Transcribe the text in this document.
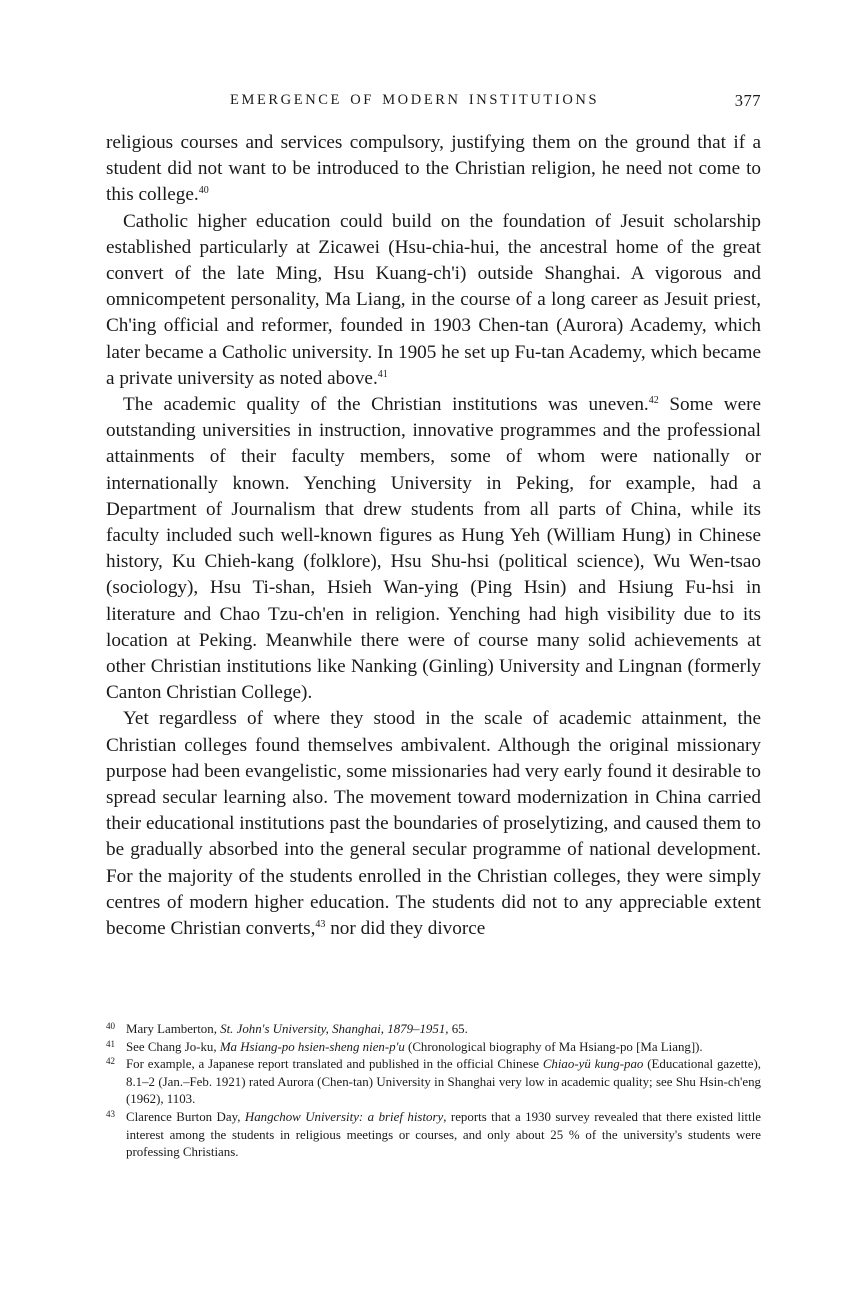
EMERGENCE OF MODERN INSTITUTIONS	377

religious courses and services compulsory, justifying them on the ground that if a student did not want to be introduced to the Christian religion, he need not come to this college.$^{40}$

Catholic higher education could build on the foundation of Jesuit scholarship established particularly at Zicawei (Hsu-chia-hui, the ancestral home of the great convert of the late Ming, Hsu Kuang-ch'i) outside Shanghai. A vigorous and omnicompetent personality, Ma Liang, in the course of a long career as Jesuit priest, Ch'ing official and reformer, founded in 1903 Chen-tan (Aurora) Academy, which later became a Catholic university. In 1905 he set up Fu-tan Academy, which became a private university as noted above.$^{41}$

The academic quality of the Christian institutions was uneven.$^{42}$ Some were outstanding universities in instruction, innovative programmes and the professional attainments of their faculty members, some of whom were nationally or internationally known. Yenching University in Peking, for example, had a Department of Journalism that drew students from all parts of China, while its faculty included such well-known figures as Hung Yeh (William Hung) in Chinese history, Ku Chieh-kang (folklore), Hsu Shu-hsi (political science), Wu Wen-tsao (sociology), Hsu Ti-shan, Hsieh Wan-ying (Ping Hsin) and Hsiung Fu-hsi in literature and Chao Tzu-ch'en in religion. Yenching had high visibility due to its location at Peking. Meanwhile there were of course many solid achievements at other Christian institutions like Nanking (Ginling) University and Lingnan (formerly Canton Christian College).

Yet regardless of where they stood in the scale of academic attainment, the Christian colleges found themselves ambivalent. Although the original missionary purpose had been evangelistic, some missionaries had very early found it desirable to spread secular learning also. The movement toward modernization in China carried their educational institutions past the boundaries of proselytizing, and caused them to be gradually absorbed into the general secular programme of national development. For the majority of the students enrolled in the Christian colleges, they were simply centres of modern higher education. The students did not to any appreciable extent become Christian converts,$^{43}$ nor did they divorce

40 Mary Lamberton, St. John's University, Shanghai, 1879–1951, 65.

41 See Chang Jo-ku, Ma Hsiang-po hsien-sheng nien-p'u (Chronological biography of Ma Hsiang-po [Ma Liang]).

42 For example, a Japanese report translated and published in the official Chinese Chiao-yü kung-pao (Educational gazette), 8.1–2 (Jan.–Feb. 1921) rated Aurora (Chen-tan) University in Shanghai very low in academic quality; see Shu Hsin-ch'eng (1962), 1103.

43 Clarence Burton Day, Hangchow University: a brief history, reports that a 1930 survey revealed that there existed little interest among the students in religious meetings or courses, and only about 25 % of the university's students were professing Christians.
